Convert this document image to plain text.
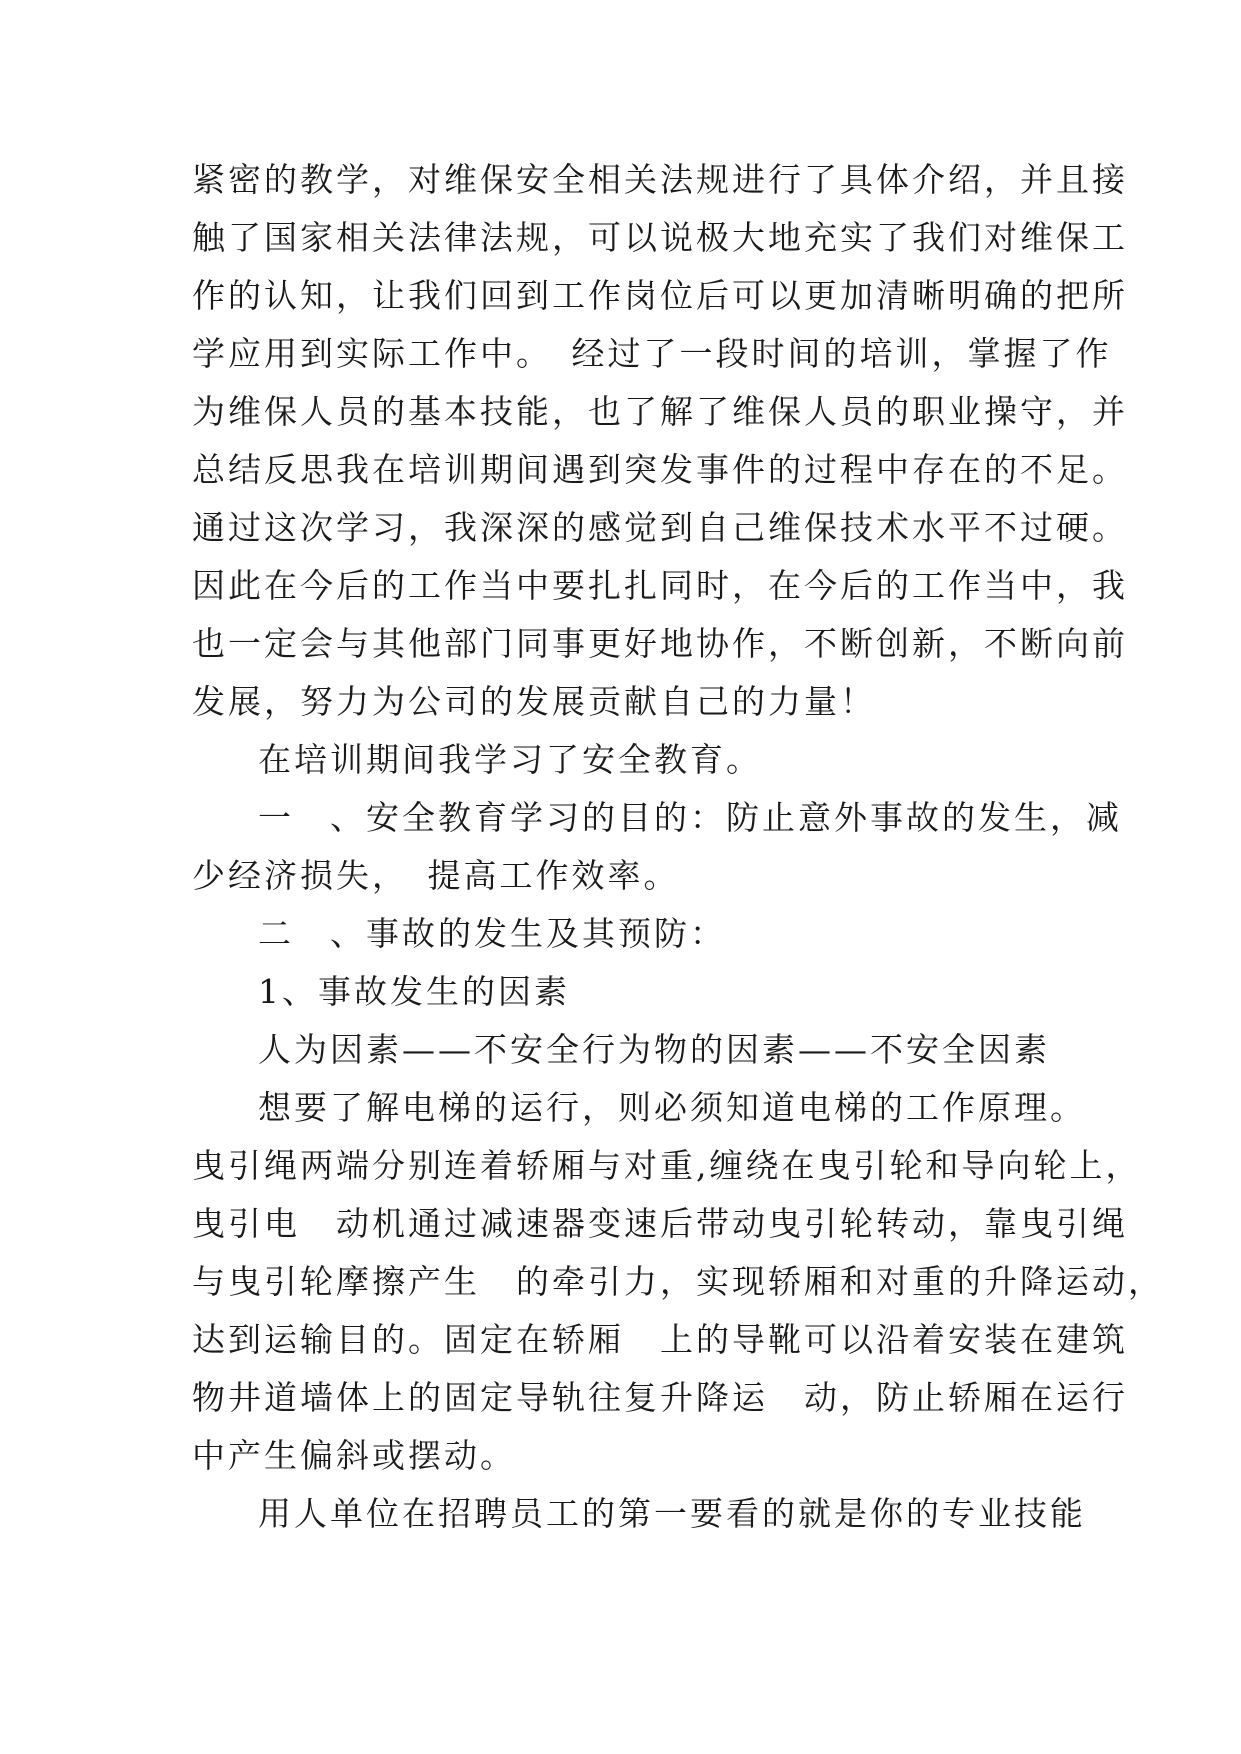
紧密的教学，对维保安全相关法规进行了具体介绍，并且接
触了国家相关法律法规，可以说极大地充实了我们对维保工
作的认知，让我们回到工作岗位后可以更加清晰明确的把所
学应用到实际工作中。　经过了一段时间的培训，掌握了作
为维保人员的基本技能，也了解了维保人员的职业操守，并
总结反思我在培训期间遇到突发事件的过程中存在的不足。
通过这次学习，我深深的感觉到自己维保技术水平不过硬。
因此在今后的工作当中要扎扎同时，在今后的工作当中，我
也一定会与其他部门同事更好地协作，不断创新，不断向前
发展，努力为公司的发展贡献自己的力量！
在培训期间我学习了安全教育。
一　、安全教育学习的目的：防止意外事故的发生，减
少经济损失，　提高工作效率。
二　、事故的发生及其预防：
1、事故发生的因素
人为因素——不安全行为物的因素——不安全因素
想要了解电梯的运行，则必须知道电梯的工作原理。
曳引绳两端分别连着轿厢与对重,缠绕在曳引轮和导向轮上，
曳引电　动机通过减速器变速后带动曳引轮转动，靠曳引绳
与曳引轮摩擦产生　的牵引力，实现轿厢和对重的升降运动，
达到运输目的。固定在轿厢　上的导靴可以沿着安装在建筑
物井道墙体上的固定导轨往复升降运　动，防止轿厢在运行
中产生偏斜或摆动。
用人单位在招聘员工的第一要看的就是你的专业技能
